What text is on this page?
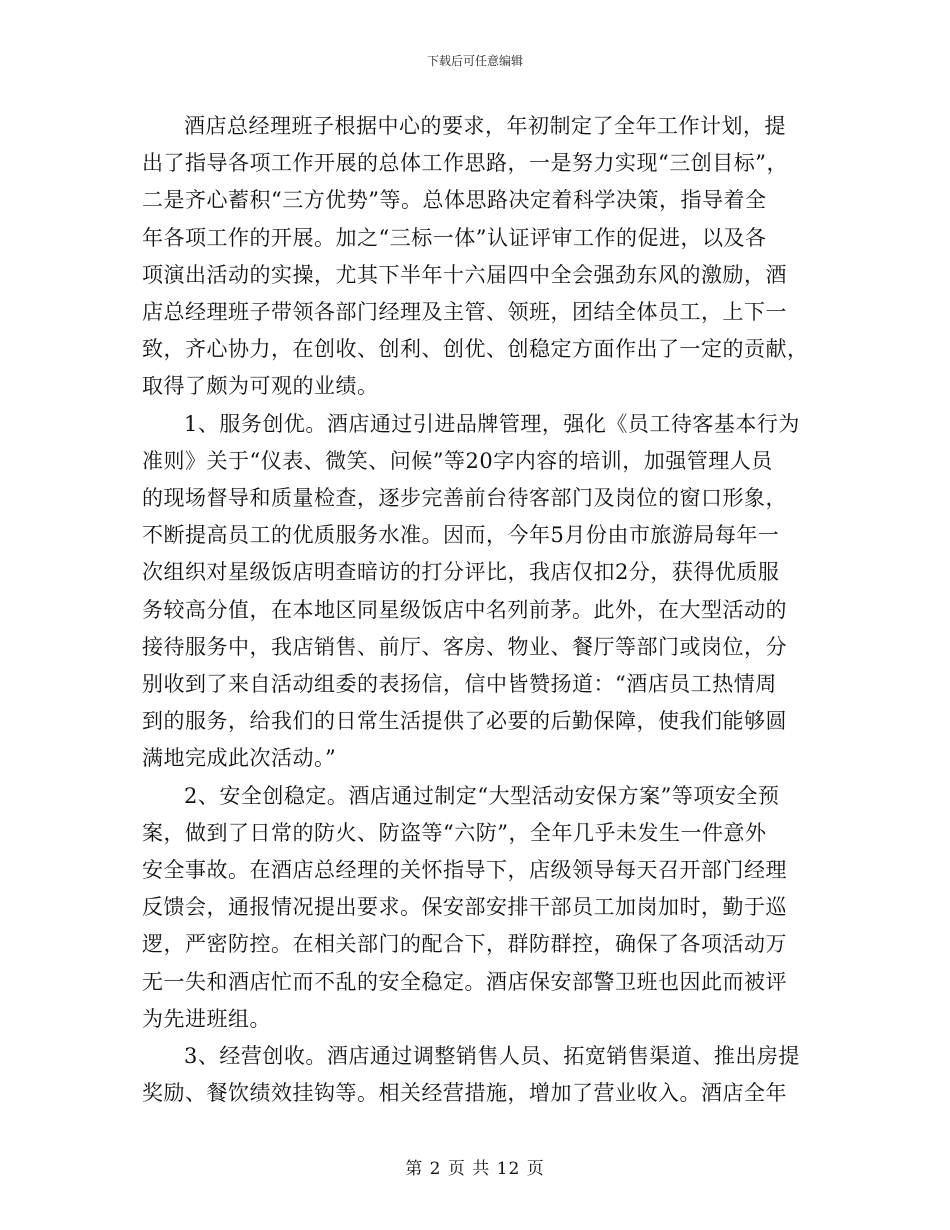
下载后可任意编辑

酒店总经理班子根据中心的要求，年初制定了全年工作计划，提
出了指导各项工作开展的总体工作思路，一是努力实现“三创目标”，
二是齐心蓄积“三方优势”等。总体思路决定着科学决策，指导着全
年各项工作的开展。加之“三标一体”认证评审工作的促进，以及各
项演出活动的实操，尤其下半年十六届四中全会强劲东风的激励，酒
店总经理班子带领各部门经理及主管、领班，团结全体员工，上下一
致，齐心协力，在创收、创利、创优、创稳定方面作出了一定的贡献，
取得了颇为可观的业绩。

1、服务创优。酒店通过引进品牌管理，强化《员工待客基本行为
准则》关于“仪表、微笑、问候”等20字内容的培训，加强管理人员
的现场督导和质量检查，逐步完善前台待客部门及岗位的窗口形象，
不断提高员工的优质服务水准。因而，今年5月份由市旅游局每年一
次组织对星级饭店明查暗访的打分评比，我店仅扣2分，获得优质服
务较高分值，在本地区同星级饭店中名列前茅。此外，在大型活动的
接待服务中，我店销售、前厅、客房、物业、餐厅等部门或岗位，分
别收到了来自活动组委的表扬信，信中皆赞扬道：“酒店员工热情周
到的服务，给我们的日常生活提供了必要的后勤保障，使我们能够圆
满地完成此次活动。”

2、安全创稳定。酒店通过制定“大型活动安保方案”等项安全预
案，做到了日常的防火、防盗等“六防”，全年几乎未发生一件意外
安全事故。在酒店总经理的关怀指导下，店级领导每天召开部门经理
反馈会，通报情况提出要求。保安部安排干部员工加岗加时，勤于巡
逻，严密防控。在相关部门的配合下，群防群控，确保了各项活动万
无一失和酒店忙而不乱的安全稳定。酒店保安部警卫班也因此而被评
为先进班组。

3、经营创收。酒店通过调整销售人员、拓宽销售渠道、推出房提
奖励、餐饮绩效挂钩等。相关经营措施，增加了营业收入。酒店全年

第 2 页 共 12 页
